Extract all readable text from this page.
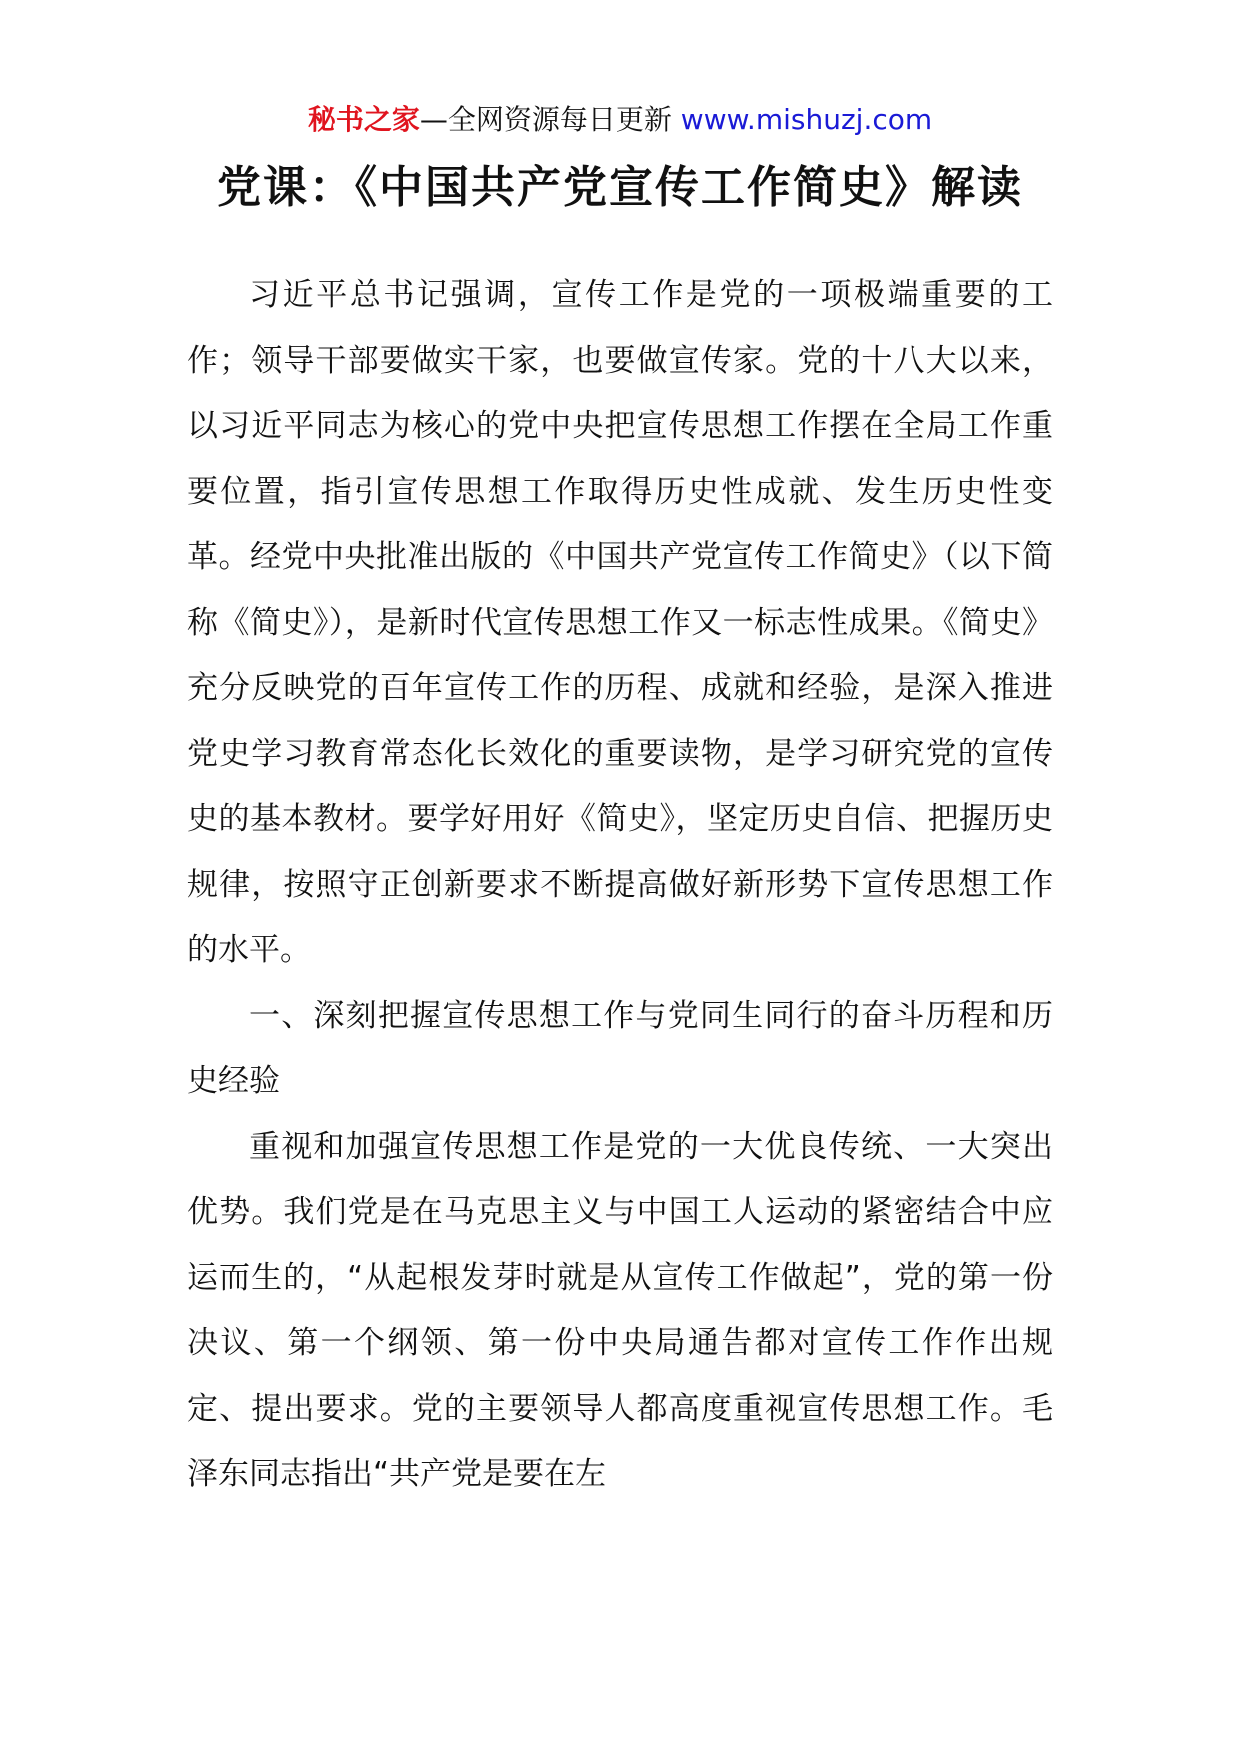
秘书之家—全网资源每日更新 www.mishuzj.com
党课：《中国共产党宣传工作简史》解读

习近平总书记强调，宣传工作是党的一项极端重要的工作；领导干部要做实干家，也要做宣传家。党的十八大以来，以习近平同志为核心的党中央把宣传思想工作摆在全局工作重要位置，指引宣传思想工作取得历史性成就、发生历史性变革。经党中央批准出版的《中国共产党宣传工作简史》（以下简称《简史》），是新时代宣传思想工作又一标志性成果。《简史》充分反映党的百年宣传工作的历程、成就和经验，是深入推进党史学习教育常态化长效化的重要读物，是学习研究党的宣传史的基本教材。要学好用好《简史》，坚定历史自信、把握历史规律，按照守正创新要求不断提高做好新形势下宣传思想工作的水平。

一、深刻把握宣传思想工作与党同生同行的奋斗历程和历史经验

重视和加强宣传思想工作是党的一大优良传统、一大突出优势。我们党是在马克思主义与中国工人运动的紧密结合中应运而生的，“从起根发芽时就是从宣传工作做起”，党的第一份决议、第一个纲领、第一份中央局通告都对宣传工作作出规定、提出要求。党的主要领导人都高度重视宣传思想工作。毛泽东同志指出“共产党是要在左
